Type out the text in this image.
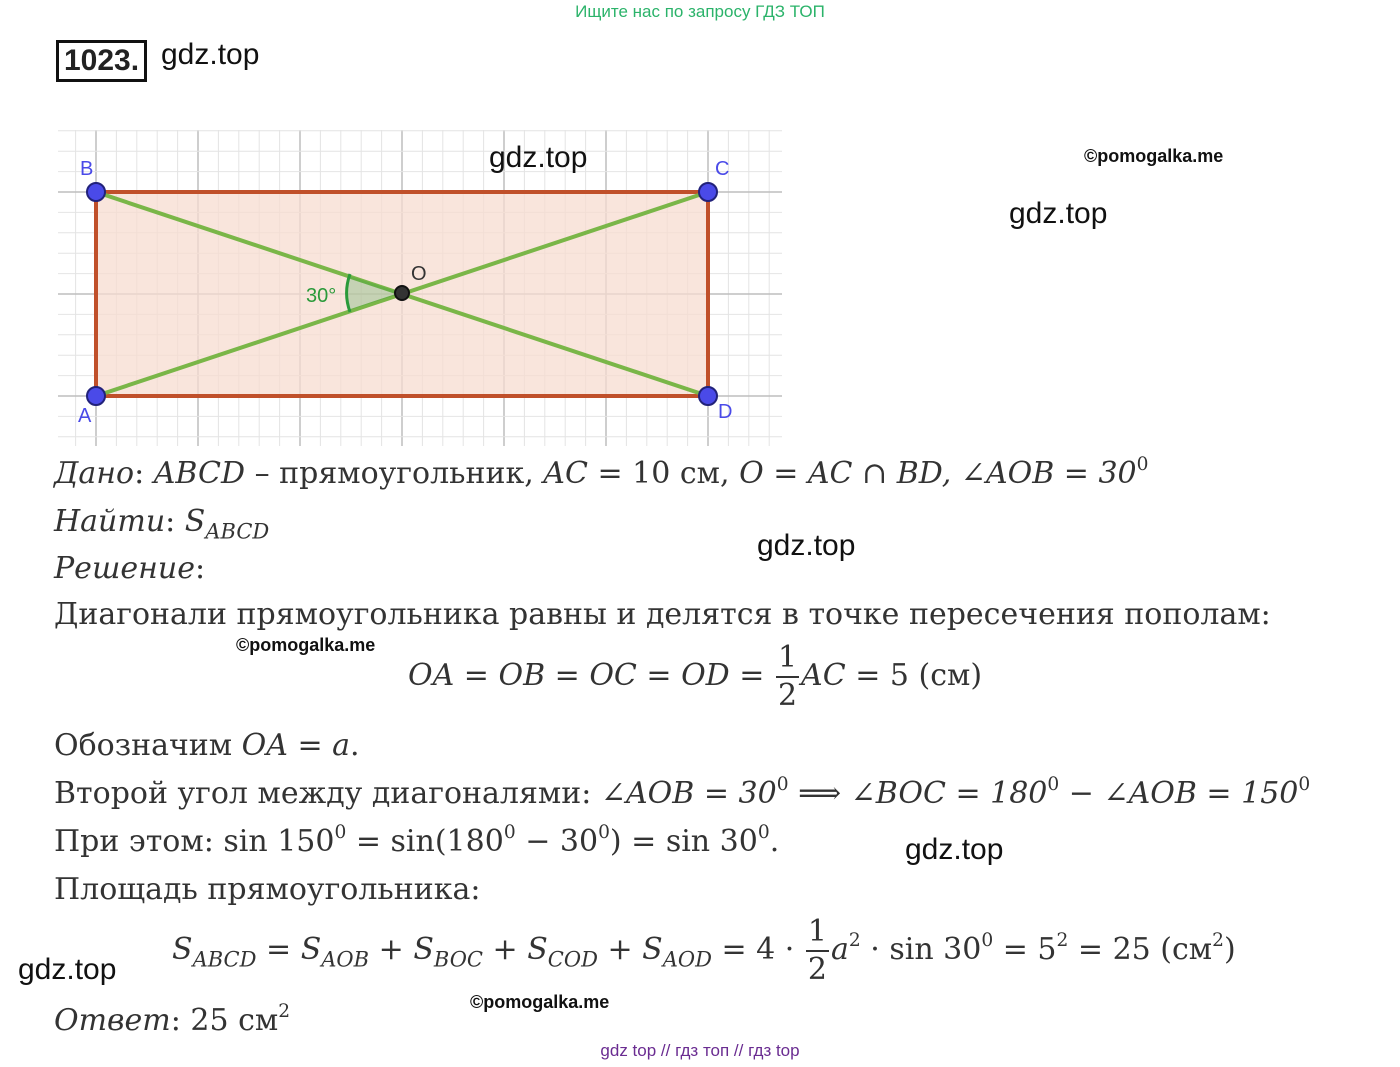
Ищите нас по запросу ГДЗ ТОП
1023. gdz.top
30°
B	C
A	D
O
gdz.top	©pomogalka.me
gdz.top
gdz.top
©pomogalka.me
gdz.top
gdz.top
©pomogalka.me
Дано: ABCD – прямоугольник, AC = 10 см, O = AC ∩ BD, ∠AOB = $30^0$
Найти: $S_{ABCD}$
Решение:
Диагонали прямоугольника равны и делятся в точке пересечения пополам:
OA = OB = OC = OD = $\frac{1}{2}$ AC = 5 (см)
Обозначим OA = a.
Второй угол между диагоналями: ∠AOB = $30^0$ ⟹ ∠BOC = $180^0$ − ∠AOB = $150^0$
При этом: $\sin 150^0 = \sin(180^0 - 30^0) = \sin 30^0$.
Площадь прямоугольника:
$S_{ABCD} = S_{AOB} + S_{BOC} + S_{COD} + S_{AOD} = 4 \cdot \frac{1}{2} a^2 \cdot \sin 30^0 = 5^2 = 25$ $(см^2)$
Ответ: 25 $см^2$
gdz top // гдз топ // гдз top
